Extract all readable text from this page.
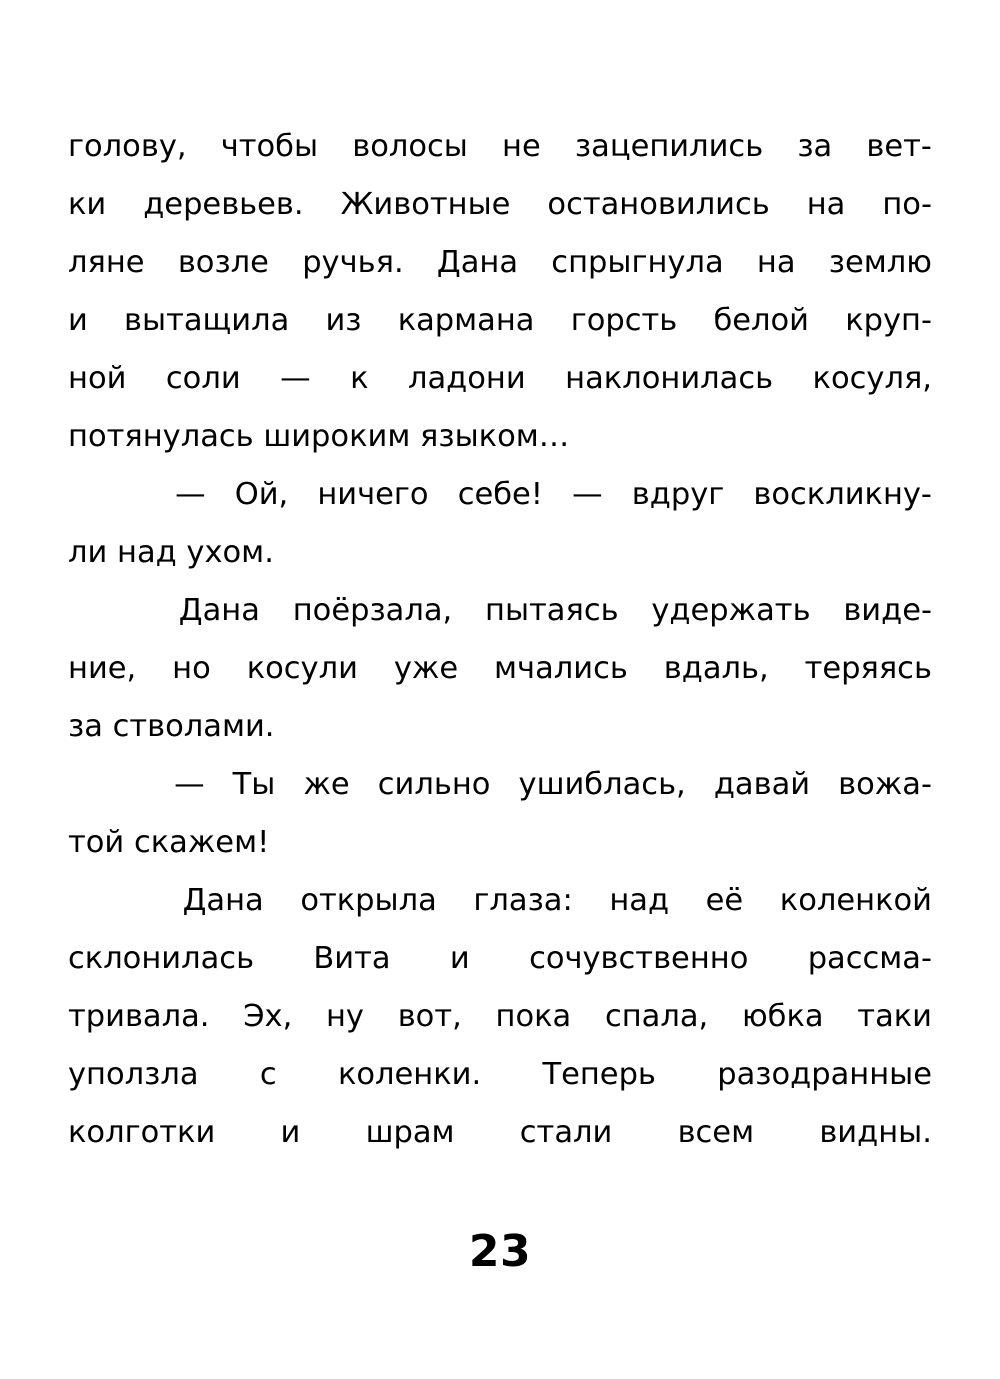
голову, чтобы волосы не зацепились за вет-
ки деревьев. Животные остановились на по-
ляне возле ручья. Дана спрыгнула на землю
и вытащила из кармана горсть белой круп-
ной соли — к ладони наклонилась косуля,
потянулась широким языком…
— Ой, ничего себе! — вдруг воскликну-
ли над ухом.
Дана поёрзала, пытаясь удержать виде-
ние, но косули уже мчались вдаль, теряясь
за стволами.
— Ты же сильно ушиблась, давай вожа-
той скажем!
Дана открыла глаза: над её коленкой
склонилась Вита и сочувственно рассма-
тривала. Эх, ну вот, пока спала, юбка таки
уползла с коленки. Теперь разодранные
колготки и шрам стали всем видны.
23
